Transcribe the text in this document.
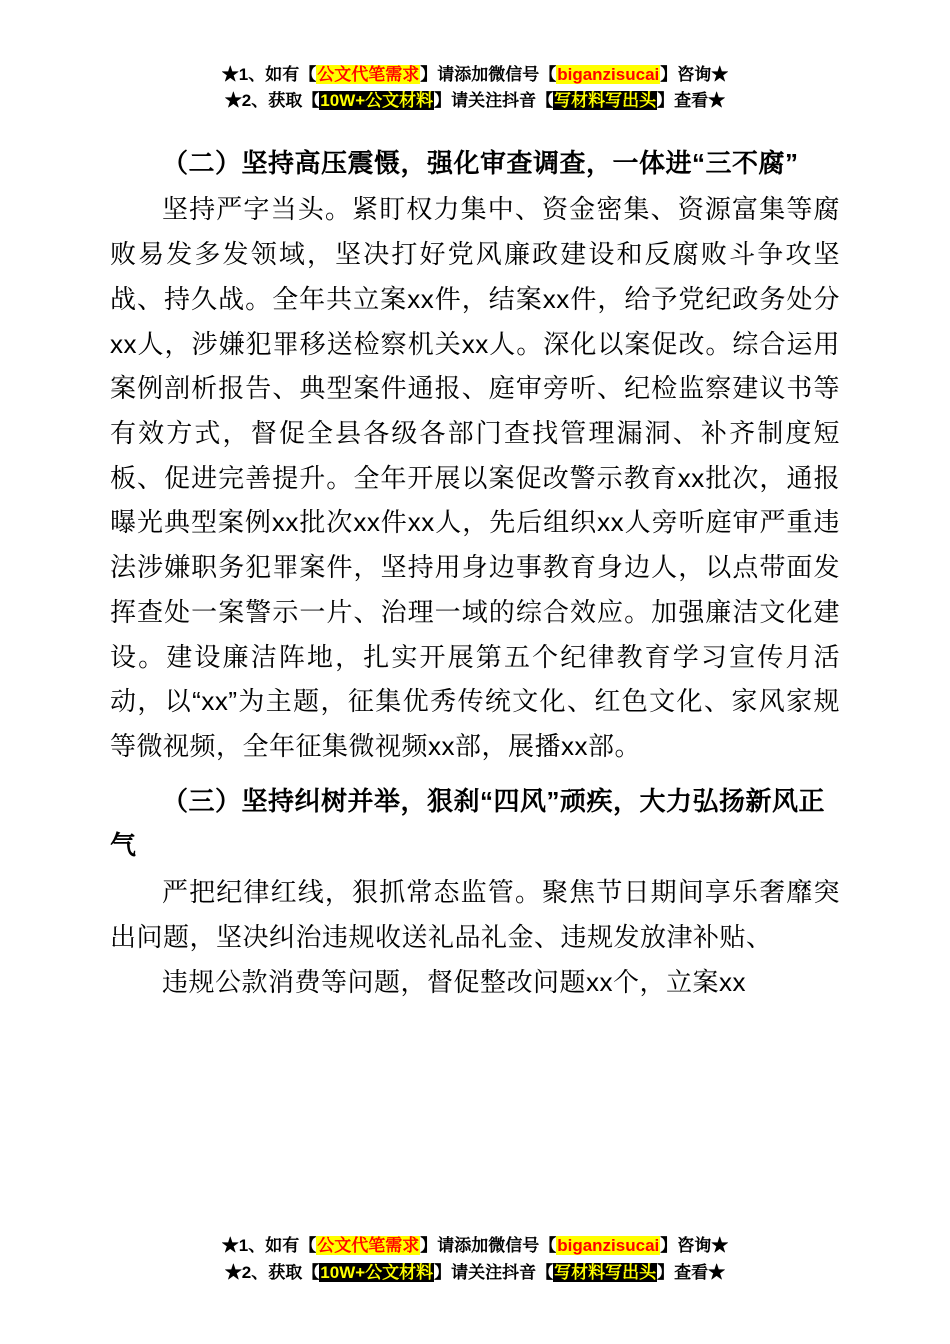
★1、如有【公文代笔需求】请添加微信号【biganzisucai】咨询★
★2、获取【10W+公文材料】请关注抖音【写材料写出头】查看★
（二）坚持高压震慑，强化审查调查，一体进“三不腐”

坚持严字当头。紧盯权力集中、资金密集、资源富集等腐败易发多发领域，坚决打好党风廉政建设和反腐败斗争攻坚战、持久战。全年共立案xx件，结案xx件，给予党纪政务处分xx人，涉嫌犯罪移送检察机关xx人。深化以案促改。综合运用案例剖析报告、典型案件通报、庭审旁听、纪检监察建议书等有效方式，督促全县各级各部门查找管理漏洞、补齐制度短板、促进完善提升。全年开展以案促改警示教育xx批次，通报曝光典型案例xx批次xx件xx人，先后组织xx人旁听庭审严重违法涉嫌职务犯罪案件，坚持用身边事教育身边人，以点带面发挥查处一案警示一片、治理一域的综合效应。加强廉洁文化建设。建设廉洁阵地，扎实开展第五个纪律教育学习宣传月活动，以“xx”为主题，征集优秀传统文化、红色文化、家风家规等微视频，全年征集微视频xx部，展播xx部。

（三）坚持纠树并举，狠刹“四风”顽疾，大力弘扬新风正气

严把纪律红线，狠抓常态监管。聚焦节日期间享乐奢靡突出问题，坚决纠治违规收送礼品礼金、违规发放津补贴、

违规公款消费等问题，督促整改问题xx个，立案xx

★1、如有【公文代笔需求】请添加微信号【biganzisucai】咨询★
★2、获取【10W+公文材料】请关注抖音【写材料写出头】查看★
